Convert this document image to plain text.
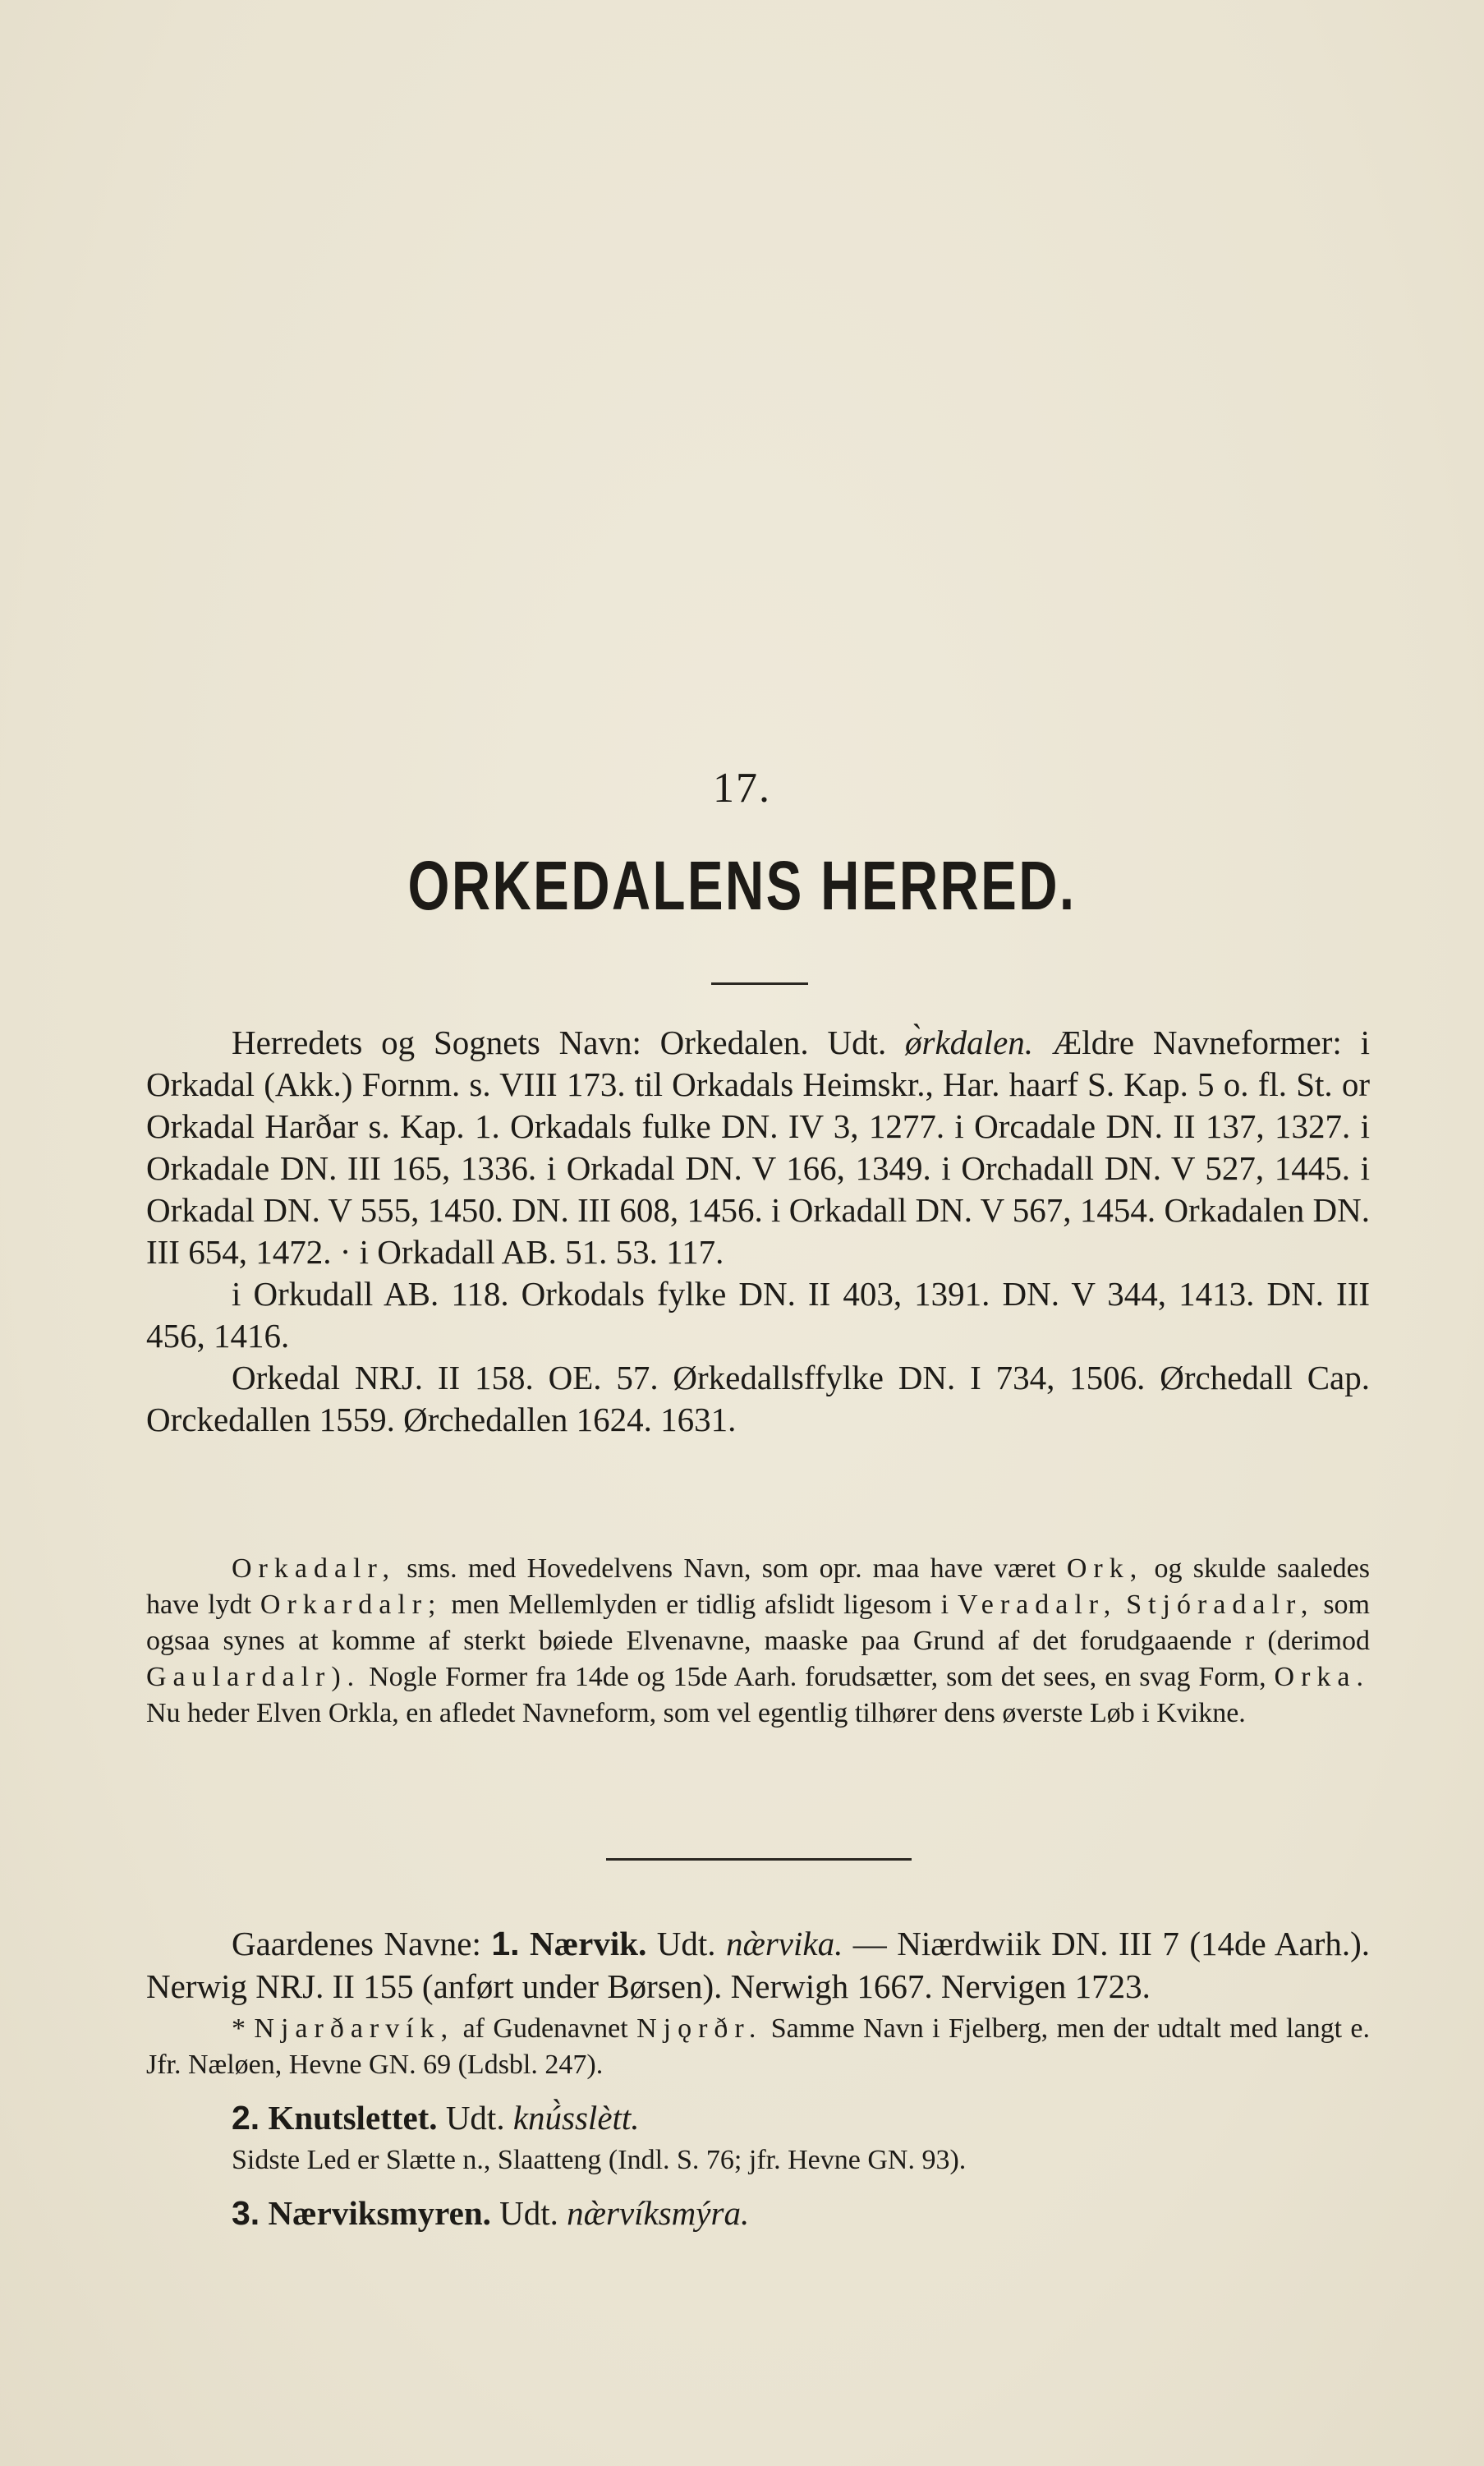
17.
ORKEDALENS HERRED.

Herredets og Sognets Navn: Orkedalen. Udt. ø̀rkdalen. Ældre Navneformer: i Orkadal (Akk.) Fornm. s. VIII 173. til Orkadals Heimskr., Har. haarf S. Kap. 5 o. fl. St. or Orkadal Harðar s. Kap. 1. Orkadals fulke DN. IV 3, 1277. i Orcadale DN. II 137, 1327. i Orkadale DN. III 165, 1336. i Orkadal DN. V 166, 1349. i Orchadall DN. V 527, 1445. i Orkadal DN. V 555, 1450. DN. III 608, 1456. i Orkadall DN. V 567, 1454. Orkadalen DN. III 654, 1472. · i Orkadall AB. 51. 53. 117.

i Orkudall AB. 118. Orkodals fylke DN. II 403, 1391. DN. V 344, 1413. DN. III 456, 1416.

Orkedal NRJ. II 158. OE. 57. Ørkedallsffylke DN. I 734, 1506. Ørchedall Cap. Orckedallen 1559. Ørchedallen 1624. 1631.

Orkadalr, sms. med Hovedelvens Navn, som opr. maa have været Ork, og skulde saaledes have lydt Orkardalr; men Mellemlyden er tidlig afslidt ligesom i Veradalr, Stjóradalr, som ogsaa synes at komme af sterkt bøiede Elvenavne, maaske paa Grund af det forudgaaende r (derimod Gaulardalr). Nogle Former fra 14de og 15de Aarh. forudsætter, som det sees, en svag Form, Orka. Nu heder Elven Orkla, en afledet Navneform, som vel egentlig tilhører dens øverste Løb i Kvikne.

Gaardenes Navne: 1. Nærvik. Udt. næ̀rvika. — Niærdwiik DN. III 7 (14de Aarh.). Nerwig NRJ. II 155 (anført under Børsen). Nerwigh 1667. Nervigen 1723.

* Njarðarvík, af Gudenavnet Njǫrðr. Samme Navn i Fjelberg, men der udtalt med langt e. Jfr. Næløen, Hevne GN. 69 (Ldsbl. 247).

2. Knutslettet. Udt. knú̀sslètt.

Sidste Led er Slætte n., Slaatteng (Indl. S. 76; jfr. Hevne GN. 93).

3. Nærviksmyren. Udt. næ̀rvíksmýra.
